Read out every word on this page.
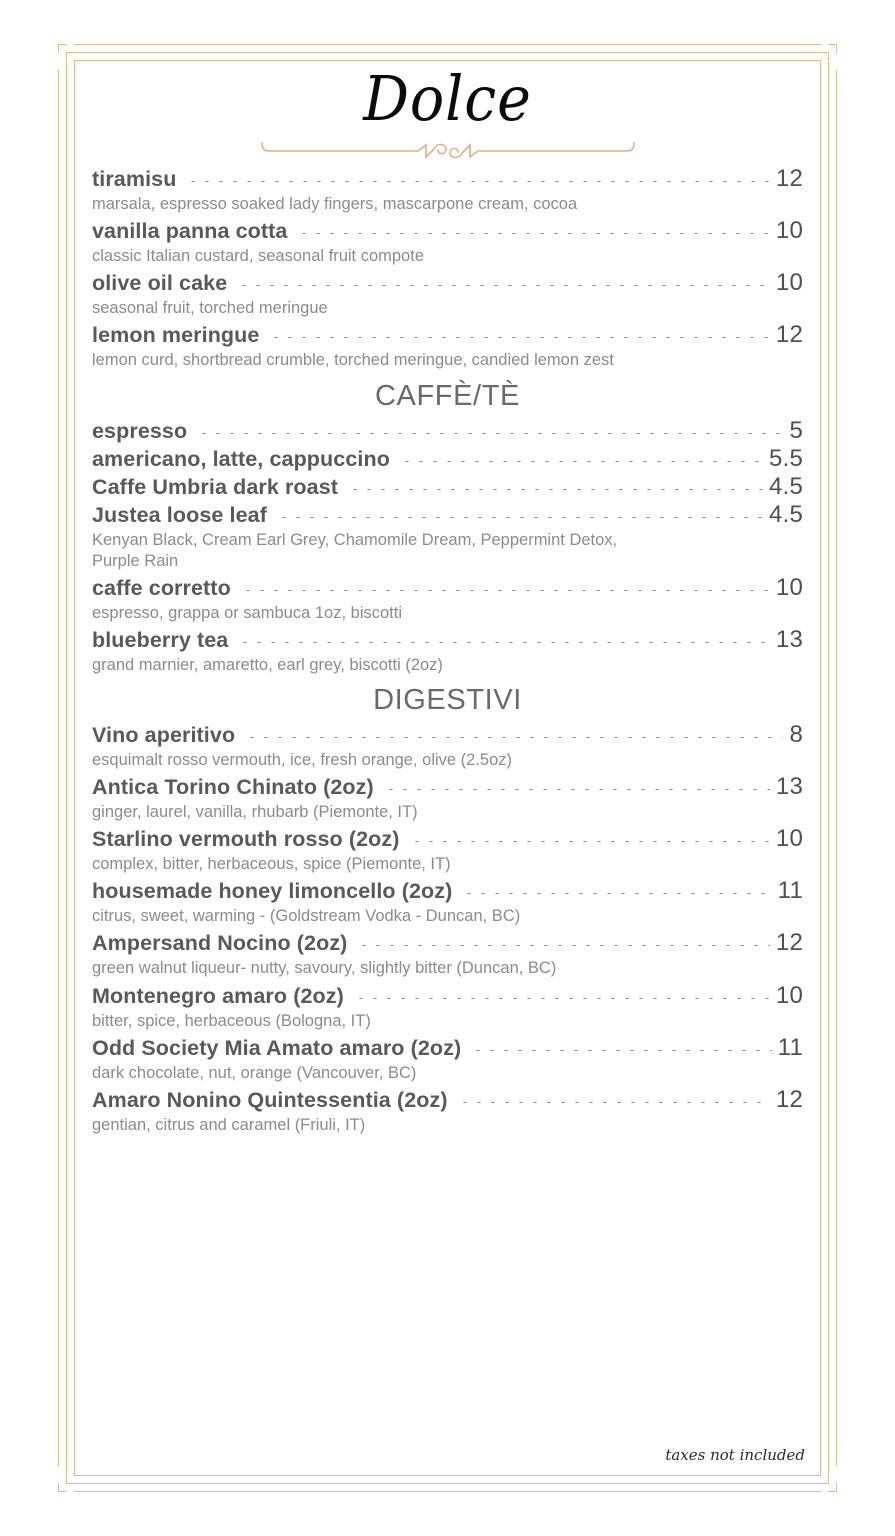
Dolce
tiramisu	12
marsala, espresso soaked lady fingers, mascarpone cream, cocoa
vanilla panna cotta	10
classic Italian custard, seasonal fruit compote
olive oil cake	10
seasonal fruit, torched meringue
lemon meringue	12
lemon curd, shortbread crumble, torched meringue, candied lemon zest
CAFFÈ/TÈ
espresso	5
americano, latte, cappuccino	5.5
Caffe Umbria dark roast	4.5
Justea loose leaf	4.5
Kenyan Black, Cream Earl Grey, Chamomile Dream, Peppermint Detox, Purple Rain
caffe corretto	10
espresso, grappa or sambuca 1oz, biscotti
blueberry tea	13
grand marnier, amaretto, earl grey, biscotti (2oz)
DIGESTIVI
Vino aperitivo	8
esquimalt rosso vermouth, ice, fresh orange, olive (2.5oz)
Antica Torino Chinato (2oz)	13
ginger, laurel, vanilla, rhubarb (Piemonte, IT)
Starlino vermouth rosso (2oz)	10
complex, bitter, herbaceous, spice (Piemonte, IT)
housemade honey limoncello (2oz)	11
citrus, sweet, warming - (Goldstream Vodka - Duncan, BC)
Ampersand Nocino (2oz)	12
green walnut liqueur- nutty, savoury, slightly bitter (Duncan, BC)
Montenegro amaro (2oz)	10
bitter, spice, herbaceous (Bologna, IT)
Odd Society Mia Amato amaro (2oz)	11
dark chocolate, nut, orange (Vancouver, BC)
Amaro Nonino Quintessentia (2oz)	12
gentian, citrus and caramel (Friuli, IT)
taxes not included
